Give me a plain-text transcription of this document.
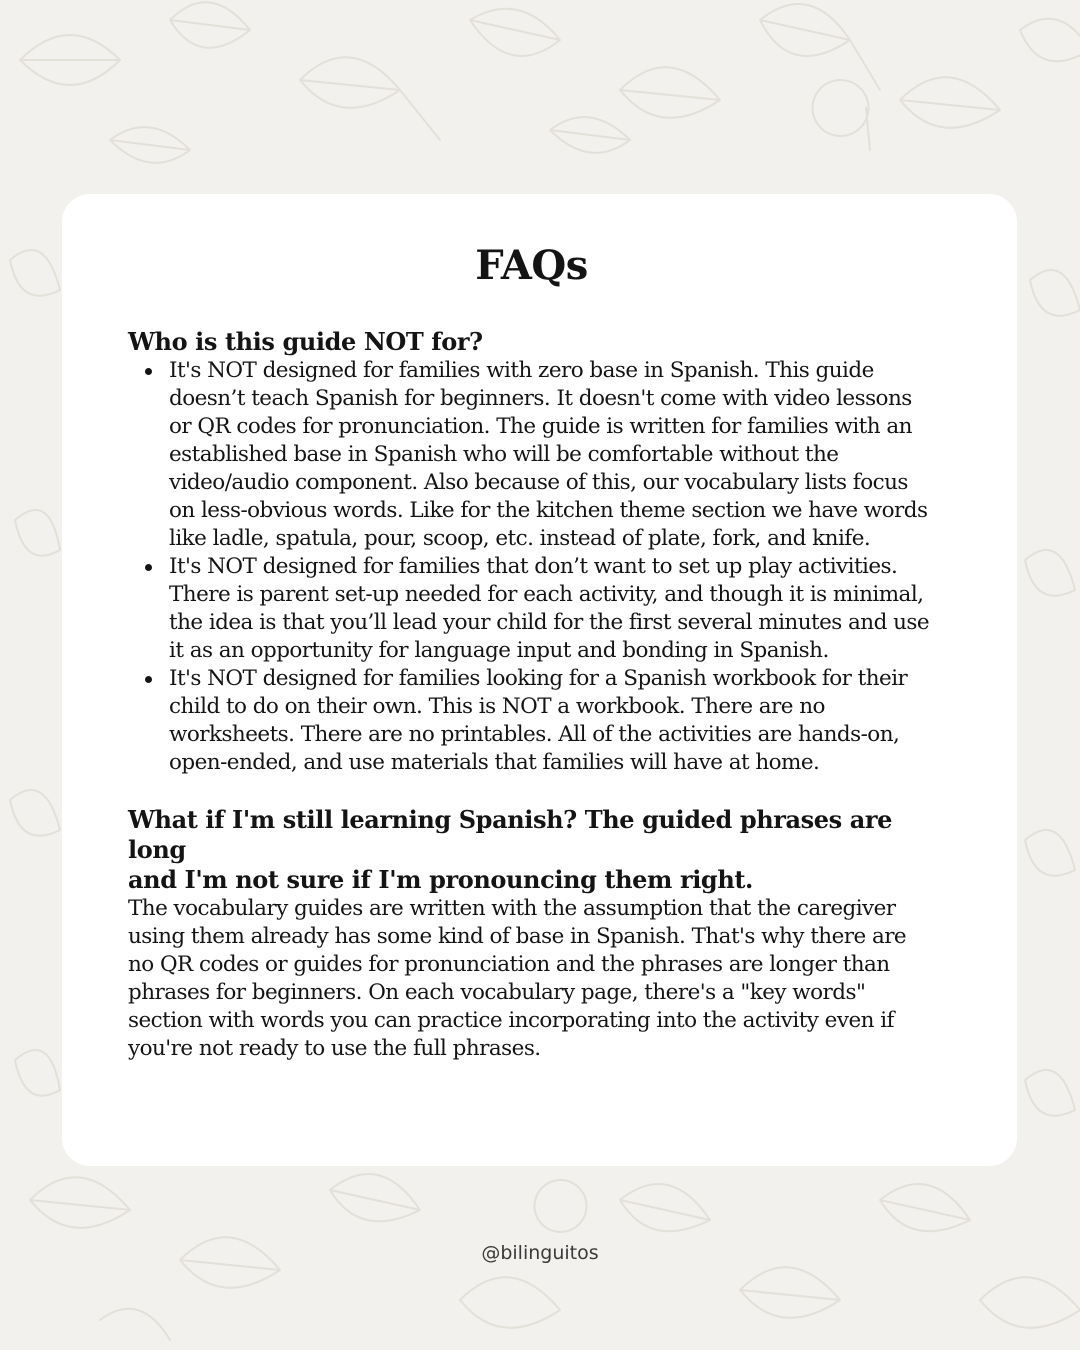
FAQs
Who is this guide NOT for?
It's NOT designed for families with zero base in Spanish. This guide doesn’t teach Spanish for beginners. It doesn't come with video lessons or QR codes for pronunciation. The guide is written for families with an established base in Spanish who will be comfortable without the video/audio component. Also because of this, our vocabulary lists focus on less-obvious words. Like for the kitchen theme section we have words like ladle, spatula, pour, scoop, etc. instead of plate, fork, and knife.
It's NOT designed for families that don’t want to set up play activities. There is parent set-up needed for each activity, and though it is minimal, the idea is that you’ll lead your child for the first several minutes and use it as an opportunity for language input and bonding in Spanish.
It's NOT designed for families looking for a Spanish workbook for their child to do on their own. This is NOT a workbook. There are no worksheets. There are no printables. All of the activities are hands-on, open-ended, and use materials that families will have at home.
What if I'm still learning Spanish? The guided phrases are long
and I'm not sure if I'm pronouncing them right.

The vocabulary guides are written with the assumption that the caregiver using them already has some kind of base in Spanish. That's why there are no QR codes or guides for pronunciation and the phrases are longer than phrases for beginners. On each vocabulary page, there's a "key words" section with words you can practice incorporating into the activity even if you're not ready to use the full phrases.

@bilinguitos
